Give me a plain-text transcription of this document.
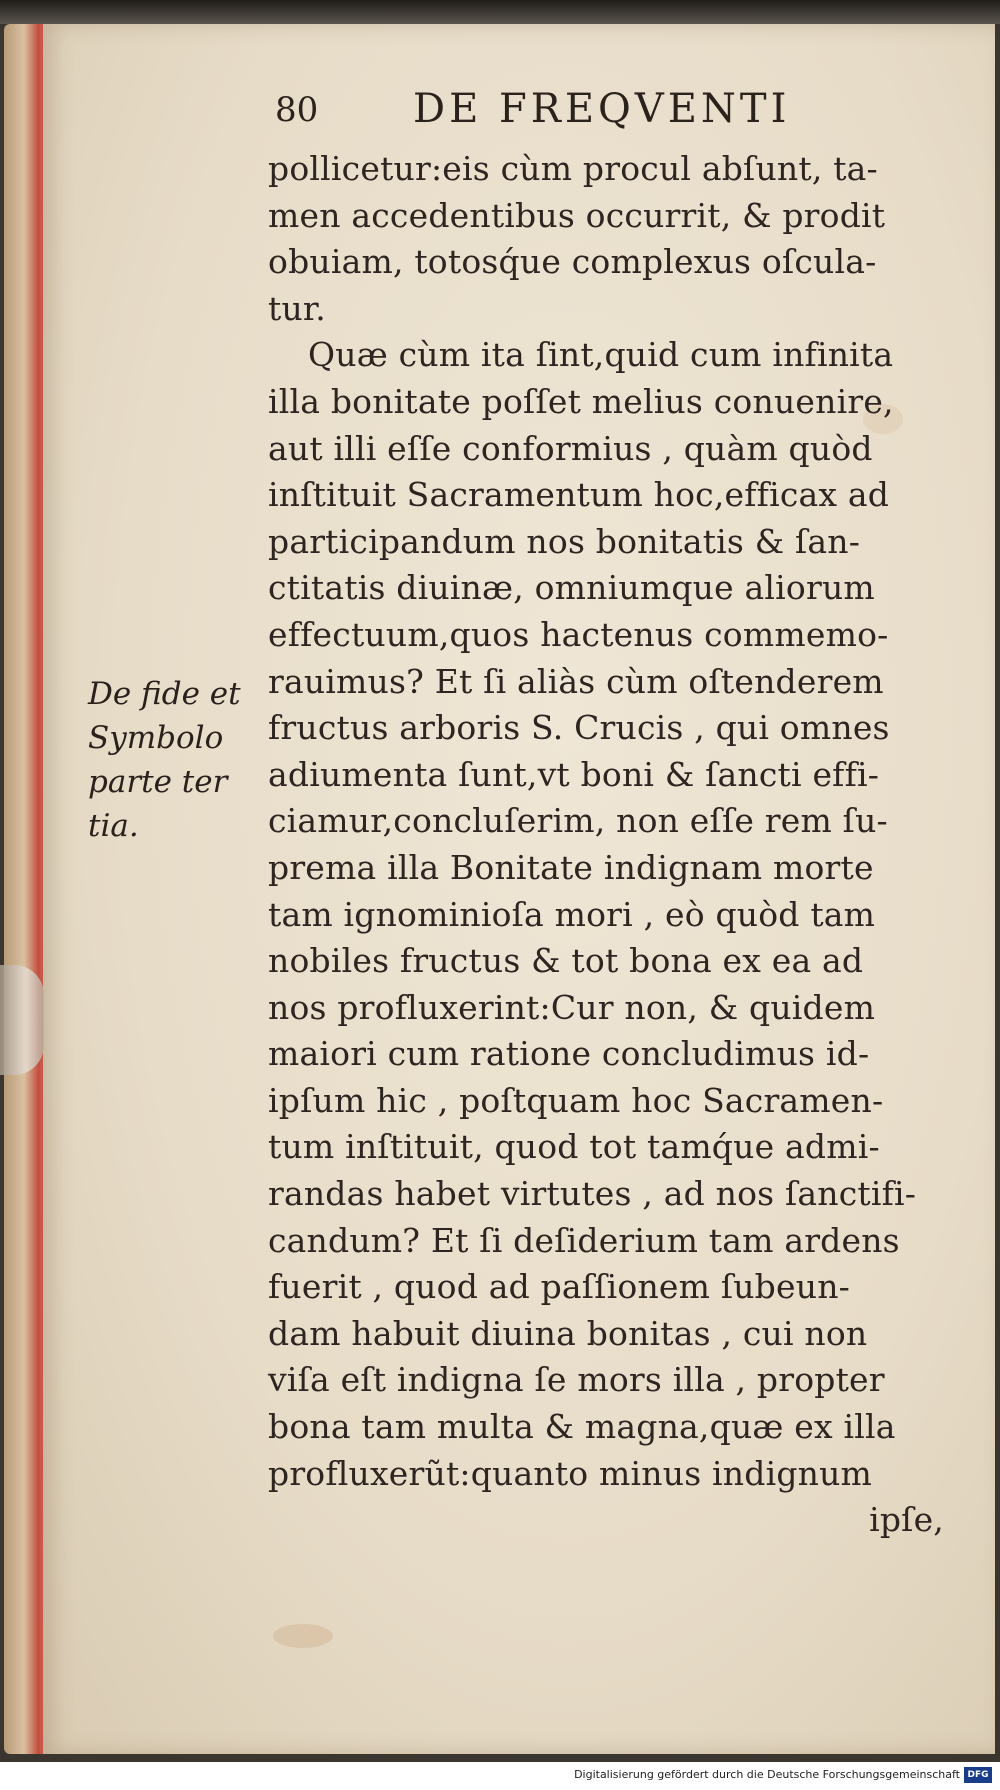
80 DE FREQVENTI
De fide et
Symbolo
parte ter
tia.
pollicetur:eis cùm procul abſunt, ta-
men accedentibus occurrit, & prodit
obuiam, totosq́ue complexus oſcula-
tur.
Quæ cùm ita ſint,quid cum infinita
illa bonitate poſſet melius conuenire,
aut illi eſſe conformius , quàm quòd
inſtituit Sacramentum hoc,efficax ad
participandum nos bonitatis & ſan-
ctitatis diuinæ, omniumque aliorum
effectuum,quos hactenus commemo-
rauimus? Et ſi aliàs cùm oſtenderem
fructus arboris S. Crucis , qui omnes
adiumenta ſunt,vt boni & ſancti effi-
ciamur,concluſerim, non eſſe rem ſu-
prema illa Bonitate indignam morte
tam ignominioſa mori , eò quòd tam
nobiles fructus & tot bona ex ea ad
nos profluxerint:Cur non, & quidem
maiori cum ratione concludimus id-
ipſum hic , poſtquam hoc Sacramen-
tum inſtituit, quod tot tamq́ue admi-
randas habet virtutes , ad nos ſanctifi-
candum? Et ſi deſiderium tam ardens
fuerit , quod ad paſſionem ſubeun-
dam habuit diuina bonitas , cui non
viſa eſt indigna ſe mors illa , propter
bona tam multa & magna,quæ ex illa
profluxerũt:quanto minus indignum
ipſe,
Digitalisierung gefördert durch die Deutsche Forschungsgemeinschaft DFG
